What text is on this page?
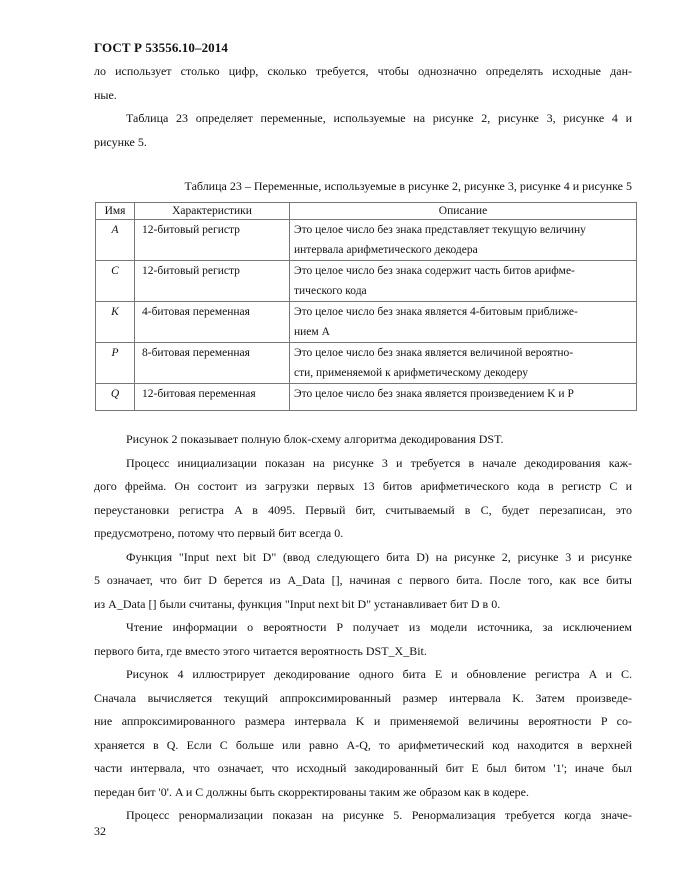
ГОСТ Р 53556.10–2014
ло использует столько цифр, сколько требуется, чтобы однозначно определять исходные дан-
ные.
Таблица 23 определяет переменные, используемые на рисунке 2, рисунке 3, рисунке 4 и
рисунке 5.
Таблица 23 – Переменные, используемые в рисунке 2, рисунке 3, рисунке 4 и рисунке 5
Имя	Характеристики	Описание
A	12-битовый регистр	Это целое число без знака представляет текущую величину
интервала арифметического декодера

C	12-битовый регистр	Это целое число без знака содержит часть битов арифме-
тического кода

K	4-битовая переменная	Это целое число без знака является 4-битовым приближе-
нием A

P	8-битовая переменная	Это целое число без знака является величиной вероятно-
сти, применяемой к арифметическому декодеру

Q	12-битовая переменная	Это целое число без знака является произведением K и P
Рисунок 2 показывает полную блок-схему алгоритма декодирования DST.
Процесс инициализации показан на рисунке 3 и требуется в начале декодирования каж-
дого фрейма. Он состоит из загрузки первых 13 битов арифметического кода в регистр C и
переустановки регистра A в 4095. Первый бит, считываемый в C, будет перезаписан, это
предусмотрено, потому что первый бит всегда 0.
Функция "Input next bit D" (ввод следующего бита D) на рисунке 2, рисунке 3 и рисунке
5 означает, что бит D берется из A_Data [], начиная с первого бита. После того, как все биты
из A_Data [] были считаны, функция "Input next bit D" устанавливает бит D в 0.
Чтение информации о вероятности P получает из модели источника, за исключением
первого бита, где вместо этого читается вероятность DST_X_Bit.
Рисунок 4 иллюстрирует декодирование одного бита E и обновление регистра A и C.
Сначала вычисляется текущий аппроксимированный размер интервала K. Затем произведе-
ние аппроксимированного размера интервала K и применяемой величины вероятности P со-
храняется в Q. Если C больше или равно A-Q, то арифметический код находится в верхней
части интервала, что означает, что исходный закодированный бит E был битом '1'; иначе был
передан бит '0'. A и C должны быть скорректированы таким же образом как в кодере.
Процесс ренормализации показан на рисунке 5. Ренормализация требуется когда значе-
32
